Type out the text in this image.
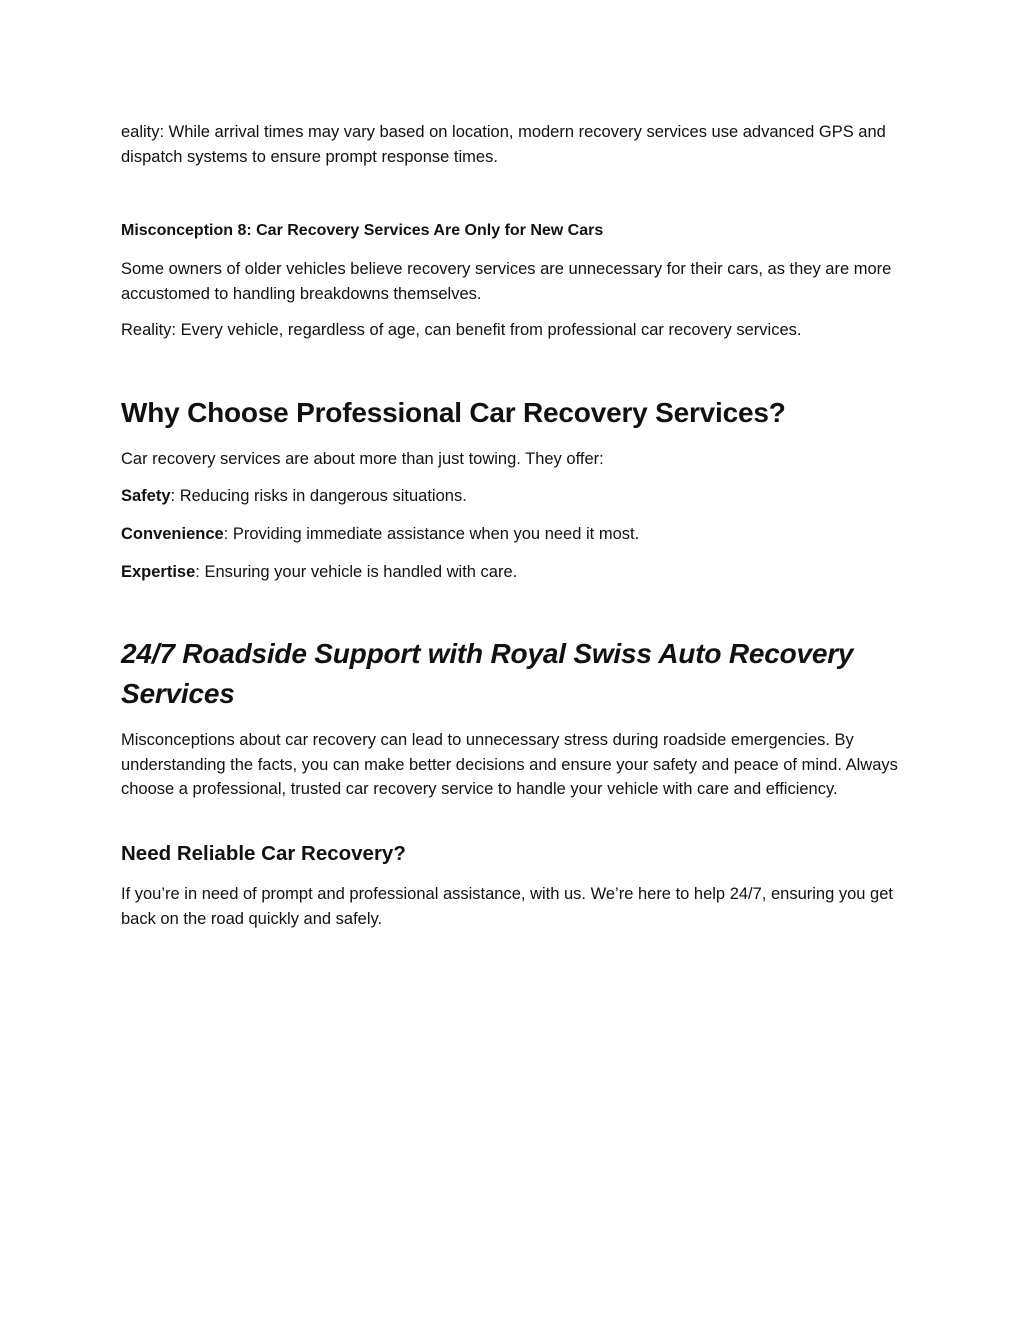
eality: While arrival times may vary based on location, modern recovery services use advanced GPS and dispatch systems to ensure prompt response times.

Misconception 8: Car Recovery Services Are Only for New Cars

Some owners of older vehicles believe recovery services are unnecessary for their cars, as they are more accustomed to handling breakdowns themselves.

Reality: Every vehicle, regardless of age, can benefit from professional car recovery services.

Why Choose Professional Car Recovery Services?

Car recovery services are about more than just towing. They offer:

Safety: Reducing risks in dangerous situations.

Convenience: Providing immediate assistance when you need it most.

Expertise: Ensuring your vehicle is handled with care.

24/7 Roadside Support with Royal Swiss Auto Recovery Services

Misconceptions about car recovery can lead to unnecessary stress during roadside emergencies. By understanding the facts, you can make better decisions and ensure your safety and peace of mind. Always choose a professional, trusted car recovery service to handle your vehicle with care and efficiency.

Need Reliable Car Recovery?

If you’re in need of prompt and professional assistance, with us. We’re here to help 24/7, ensuring you get back on the road quickly and safely.
